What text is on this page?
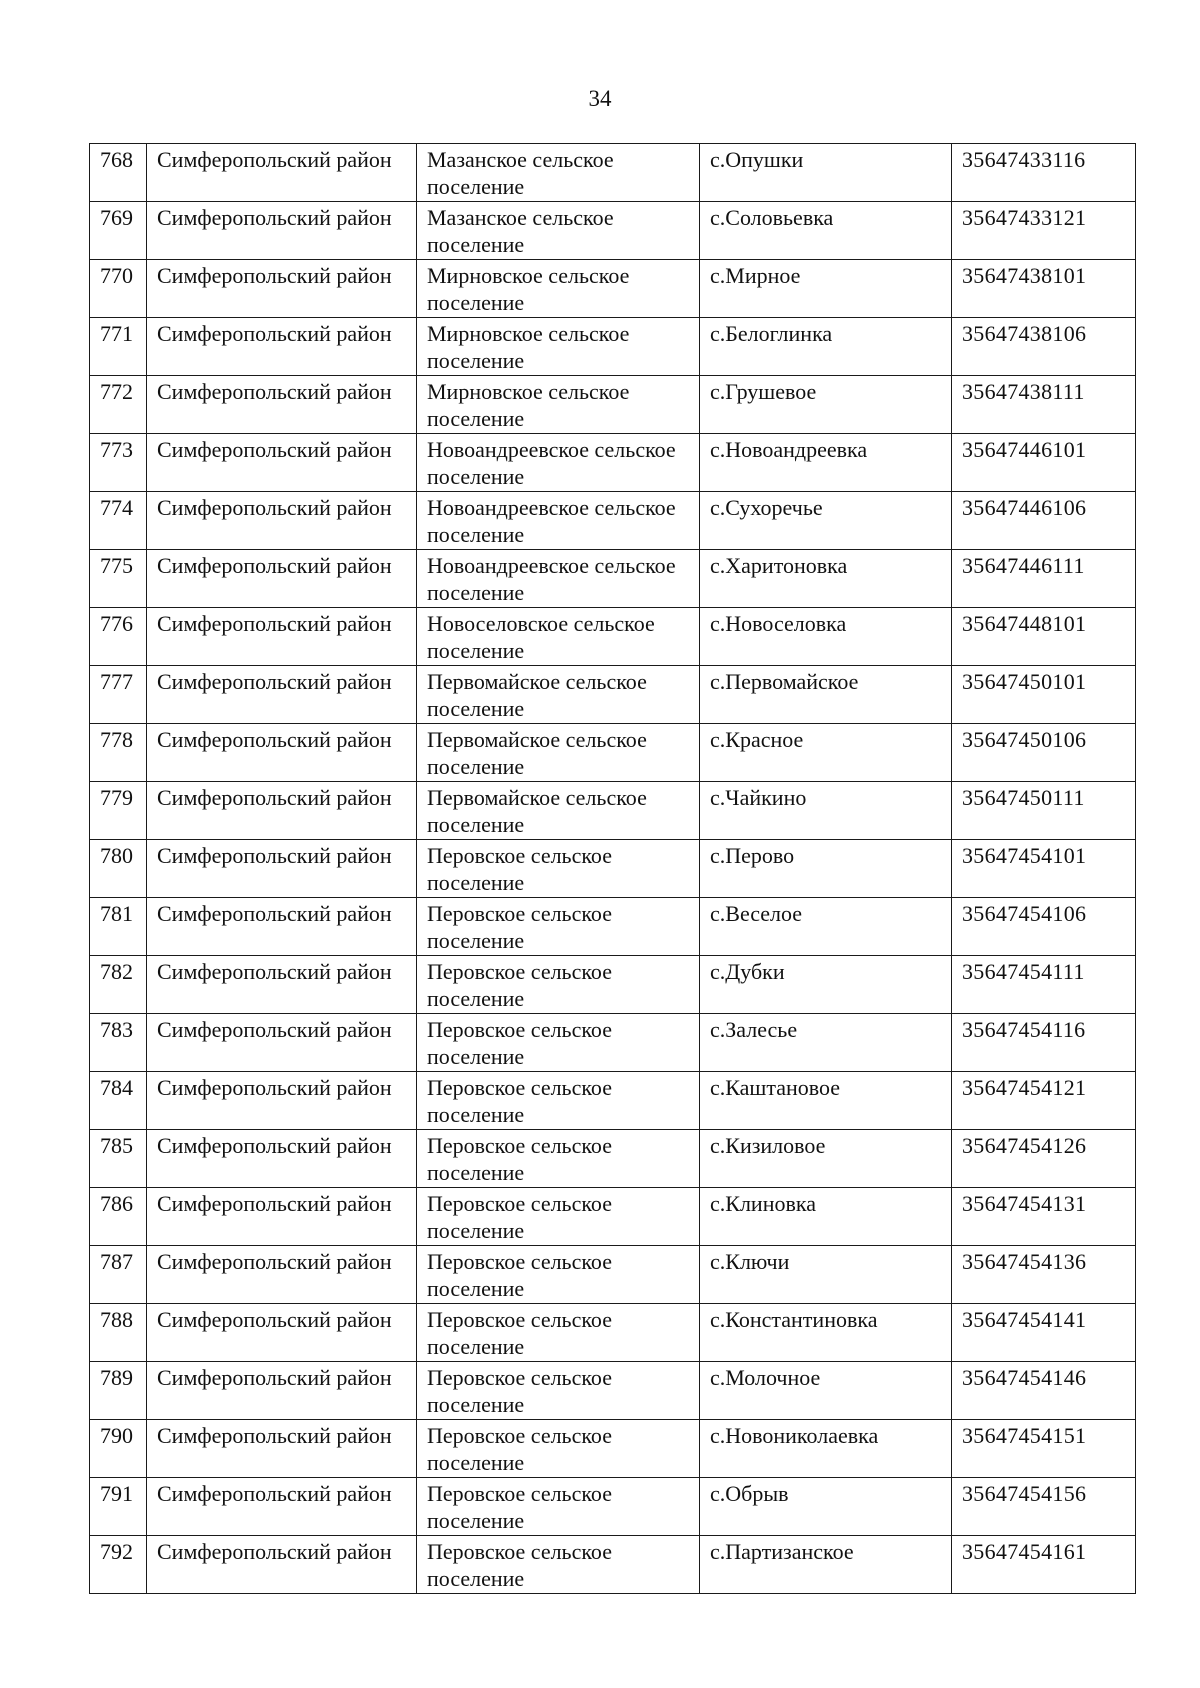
34
768	Симферопольский район	Мазанское сельское поселение	с.Опушки	35647433116
769	Симферопольский район	Мазанское сельское поселение	с.Соловьевка	35647433121
770	Симферопольский район	Мирновское сельское поселение	с.Мирное	35647438101
771	Симферопольский район	Мирновское сельское поселение	с.Белоглинка	35647438106
772	Симферопольский район	Мирновское сельское поселение	с.Грушевое	35647438111
773	Симферопольский район	Новоандреевское сельское поселение	с.Новоандреевка	35647446101
774	Симферопольский район	Новоандреевское сельское поселение	с.Сухоречье	35647446106
775	Симферопольский район	Новоандреевское сельское поселение	с.Харитоновка	35647446111
776	Симферопольский район	Новоселовское сельское поселение	с.Новоселовка	35647448101
777	Симферопольский район	Первомайское сельское поселение	с.Первомайское	35647450101
778	Симферопольский район	Первомайское сельское поселение	с.Красное	35647450106
779	Симферопольский район	Первомайское сельское поселение	с.Чайкино	35647450111
780	Симферопольский район	Перовское сельское поселение	с.Перово	35647454101
781	Симферопольский район	Перовское сельское поселение	с.Веселое	35647454106
782	Симферопольский район	Перовское сельское поселение	с.Дубки	35647454111
783	Симферопольский район	Перовское сельское поселение	с.Залесье	35647454116
784	Симферопольский район	Перовское сельское поселение	с.Каштановое	35647454121
785	Симферопольский район	Перовское сельское поселение	с.Кизиловое	35647454126
786	Симферопольский район	Перовское сельское поселение	с.Клиновка	35647454131
787	Симферопольский район	Перовское сельское поселение	с.Ключи	35647454136
788	Симферопольский район	Перовское сельское поселение	с.Константиновка	35647454141
789	Симферопольский район	Перовское сельское поселение	с.Молочное	35647454146
790	Симферопольский район	Перовское сельское поселение	с.Новониколаевка	35647454151
791	Симферопольский район	Перовское сельское поселение	с.Обрыв	35647454156
792	Симферопольский район	Перовское сельское поселение	с.Партизанское	35647454161
